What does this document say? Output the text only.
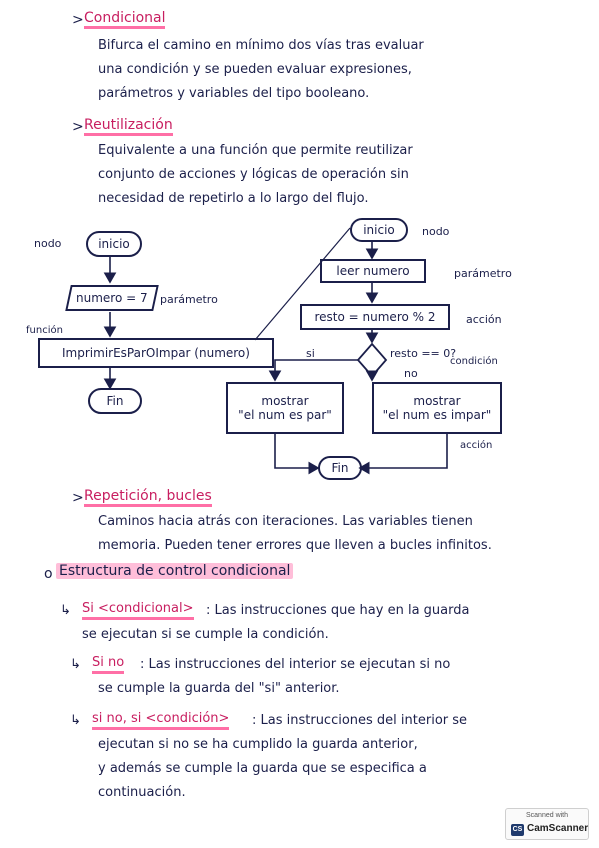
> Condicional
Bifurca el camino en mínimo dos vías tras evaluar
una condición y se pueden evaluar expresiones,
parámetros y variables del tipo booleano.
> Reutilización
Equivalente a una función que permite reutilizar
conjunto de acciones y lógicas de operación sin
necesidad de repetirlo a lo largo del flujo.
nodo	inicio
numero = 7 parámetro
función
ImprimirEsParOImpar (numero)
Fin
inicio	nodo
leer numero	parámetro
resto = numero % 2	acción
resto == 0?
condición
si
no
mostrar
"el num es par"
mostrar
"el num es impar"
acción
Fin
> Repetición, bucles
Caminos hacia atrás con iteraciones. Las variables tienen
memoria. Pueden tener errores que lleven a bucles infinitos.
o Estructura de control condicional
↳ Si <condicional> : Las instrucciones que hay en la guarda
se ejecutan si se cumple la condición.
↳ Si no : Las instrucciones del interior se ejecutan si no
se cumple la guarda del "si" anterior.
↳ si no, si <condición> : Las instrucciones del interior se
ejecutan si no se ha cumplido la guarda anterior,
y además se cumple la guarda que se especifica a
continuación.
Scanned with
CS CamScanner
